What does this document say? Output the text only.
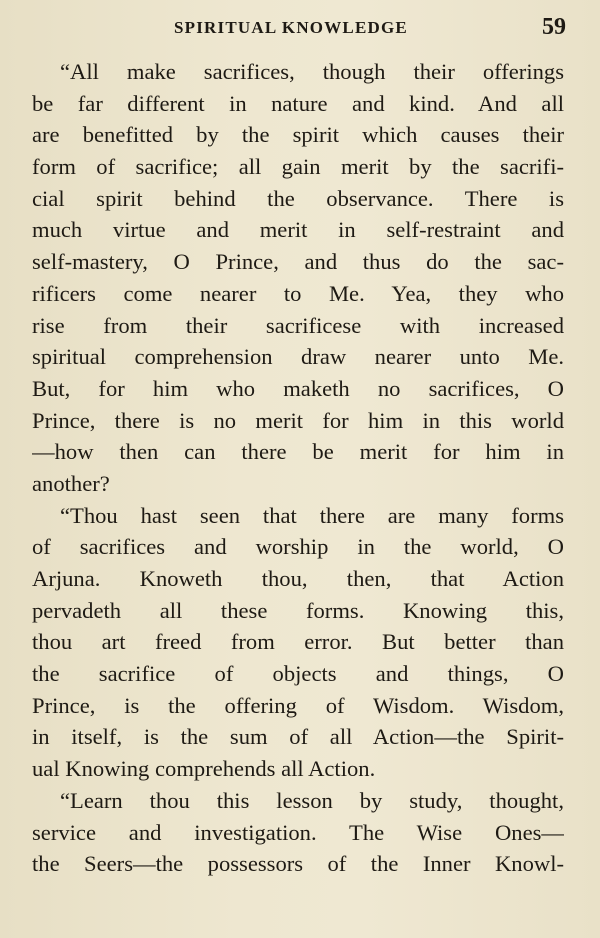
SPIRITUAL KNOWLEDGE	59
“All make sacrifices, though their offerings
be far different in nature and kind. And all
are benefitted by the spirit which causes their
form of sacrifice; all gain merit by the sacrifi-
cial spirit behind the observance. There is
much virtue and merit in self-restraint and
self-mastery, O Prince, and thus do the sac-
rificers come nearer to Me. Yea, they who
rise from their sacrificese with increased
spiritual comprehension draw nearer unto Me.
But, for him who maketh no sacrifices, O
Prince, there is no merit for him in this world
—how then can there be merit for him in
another?
“Thou hast seen that there are many forms
of sacrifices and worship in the world, O
Arjuna. Knoweth thou, then, that Action
pervadeth all these forms. Knowing this,
thou art freed from error. But better than
the sacrifice of objects and things, O
Prince, is the offering of Wisdom. Wisdom,
in itself, is the sum of all Action—the Spirit-
ual Knowing comprehends all Action.
“Learn thou this lesson by study, thought,
service and investigation. The Wise Ones—
the Seers—the possessors of the Inner Knowl-
